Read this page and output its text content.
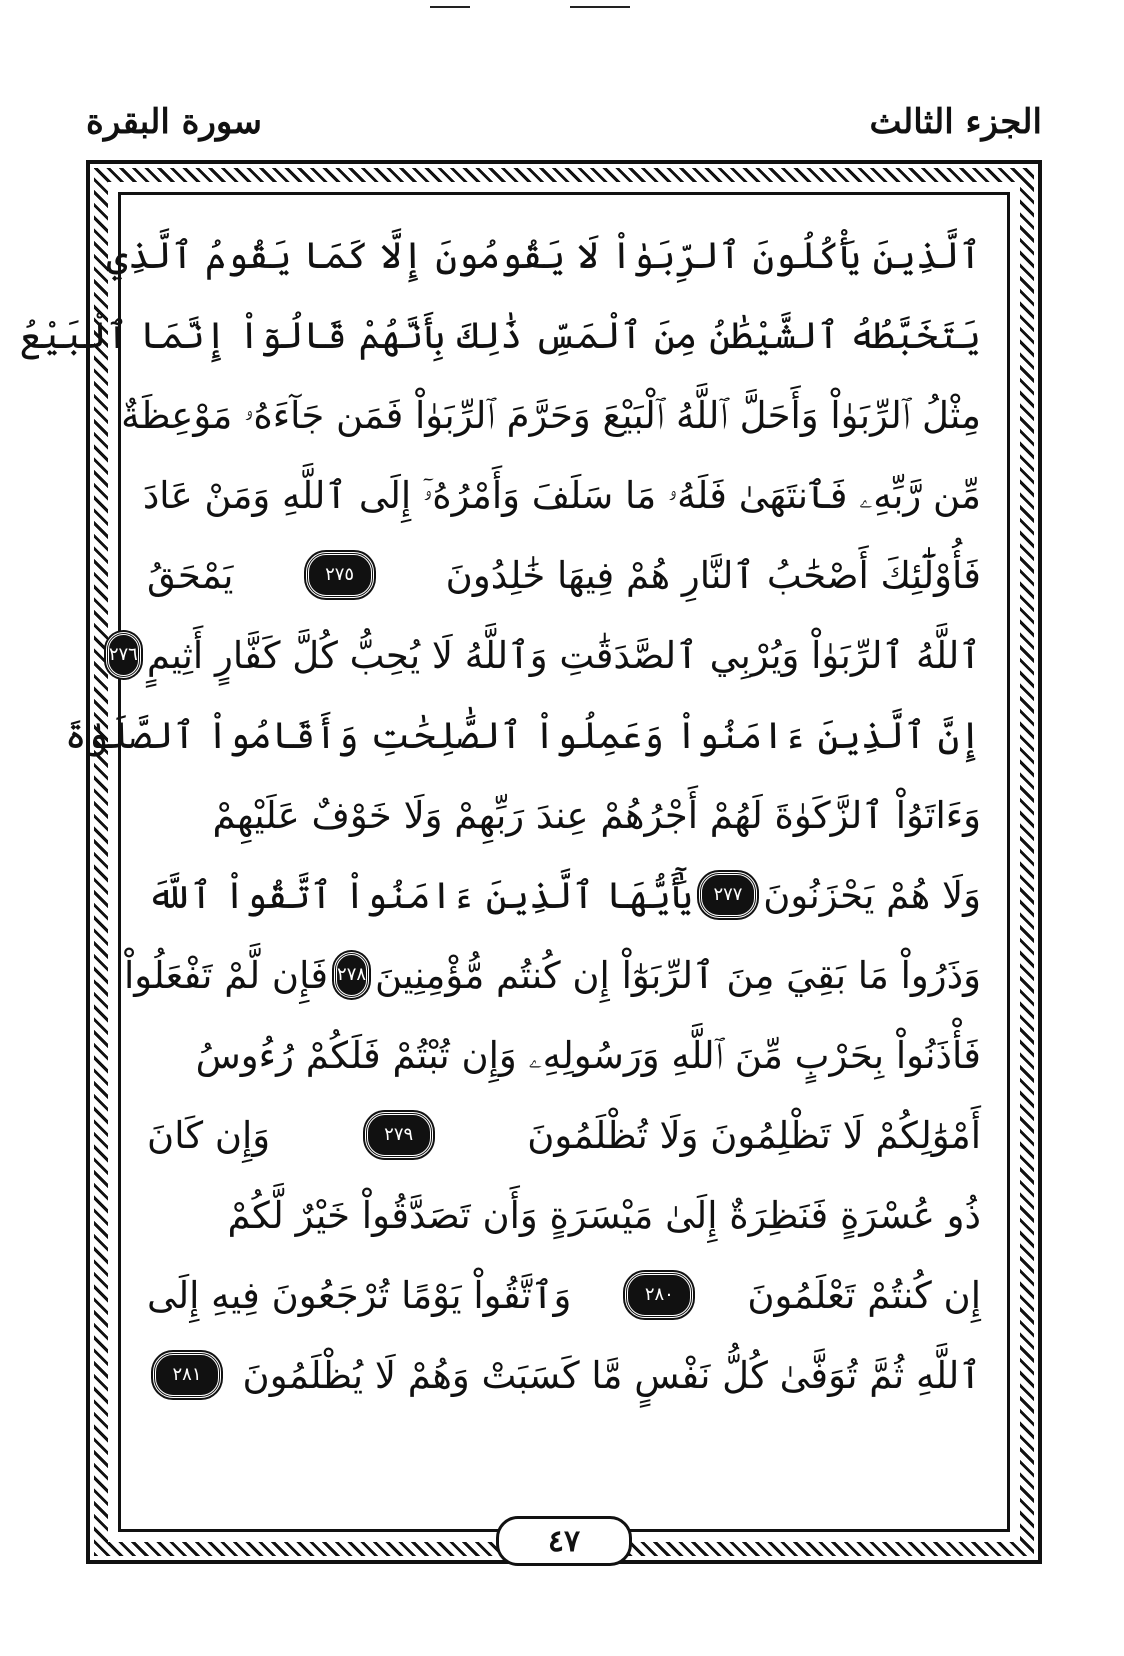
الجزء الثالث
سورة البقرة
ٱلَّذِينَ يَأْكُلُونَ ٱلرِّبَوٰاْ لَا يَقُومُونَ إِلَّا كَمَا يَقُومُ ٱلَّذِي
يَتَخَبَّطُهُ ٱلشَّيْطَٰنُ مِنَ ٱلْمَسِّ ذَٰلِكَ بِأَنَّهُمْ قَالُوٓاْ إِنَّمَا ٱلْبَيْعُ
مِثْلُ ٱلرِّبَوٰاْ وَأَحَلَّ ٱللَّهُ ٱلْبَيْعَ وَحَرَّمَ ٱلرِّبَوٰاْ فَمَن جَآءَهُۥ مَوْعِظَةٌ
مِّن رَّبِّهِۦ فَٱنتَهَىٰ فَلَهُۥ مَا سَلَفَ وَأَمْرُهُۥٓ إِلَى ٱللَّهِ وَمَنْ عَادَ
فَأُوْلَٰٓئِكَ أَصْحَٰبُ ٱلنَّارِ هُمْ فِيهَا خَٰلِدُونَ
٢٧٥
يَمْحَقُ
ٱللَّهُ ٱلرِّبَوٰاْ وَيُرْبِي ٱلصَّدَقَٰتِ وَٱللَّهُ لَا يُحِبُّ كُلَّ كَفَّارٍ أَثِيمٍ
٢٧٦
إِنَّ ٱلَّذِينَ ءَامَنُواْ وَعَمِلُواْ ٱلصَّٰلِحَٰتِ وَأَقَامُواْ ٱلصَّلَوٰةَ
وَءَاتَوُاْ ٱلزَّكَوٰةَ لَهُمْ أَجْرُهُمْ عِندَ رَبِّهِمْ وَلَا خَوْفٌ عَلَيْهِمْ
وَلَا هُمْ يَحْزَنُونَ
٢٧٧
يَٰٓأَيُّهَا ٱلَّذِينَ ءَامَنُواْ ٱتَّقُواْ ٱللَّهَ
وَذَرُواْ مَا بَقِيَ مِنَ ٱلرِّبَوٰٓاْ إِن كُنتُم مُّؤْمِنِينَ
٢٧٨
فَإِن لَّمْ تَفْعَلُواْ
فَأْذَنُواْ بِحَرْبٍ مِّنَ ٱللَّهِ وَرَسُولِهِۦ وَإِن تُبْتُمْ فَلَكُمْ رُءُوسُ
أَمْوَٰلِكُمْ لَا تَظْلِمُونَ وَلَا تُظْلَمُونَ
٢٧٩
وَإِن كَانَ
ذُو عُسْرَةٍ فَنَظِرَةٌ إِلَىٰ مَيْسَرَةٍ وَأَن تَصَدَّقُواْ خَيْرٌ لَّكُمْ
إِن كُنتُمْ تَعْلَمُونَ
٢٨٠
وَٱتَّقُواْ يَوْمًا تُرْجَعُونَ فِيهِ إِلَى
ٱللَّهِ ثُمَّ تُوَفَّىٰ كُلُّ نَفْسٍ مَّا كَسَبَتْ وَهُمْ لَا يُظْلَمُونَ
٢٨١
٤٧
